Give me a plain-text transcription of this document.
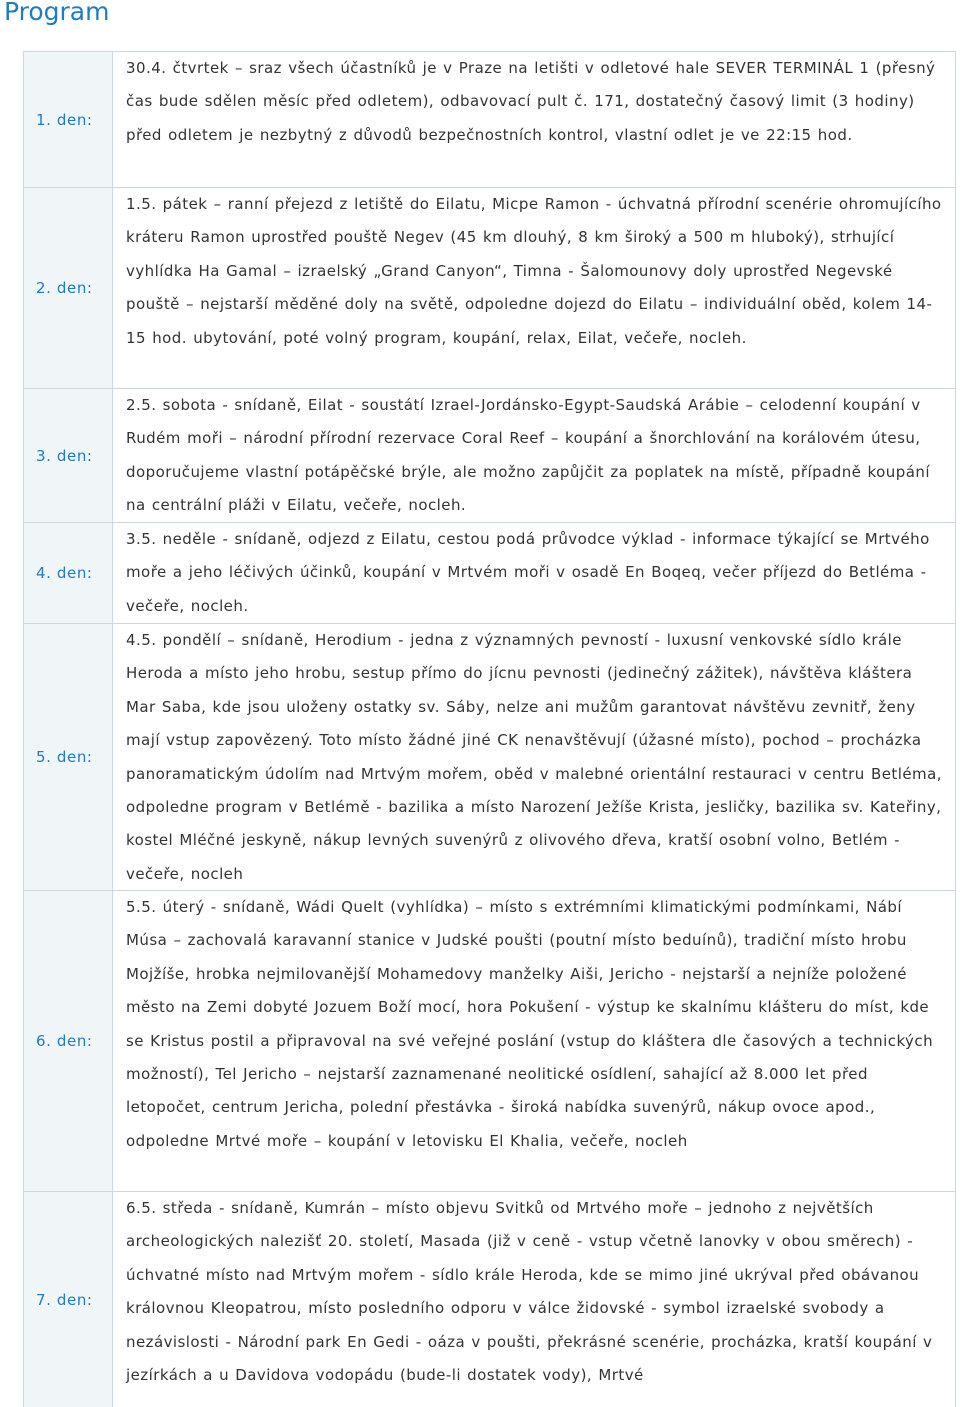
Program
1. den:
30.4. čtvrtek – sraz všech účastníků je v Praze na letišti v odletové hale SEVER TERMINÁL 1 (přesný čas bude sdělen měsíc před odletem), odbavovací pult č. 171, dostatečný časový limit (3 hodiny) před odletem je nezbytný z důvodů bezpečnostních kontrol, vlastní odlet je ve 22:15 hod.
2. den:
1.5. pátek – ranní přejezd z letiště do Eilatu, Micpe Ramon - úchvatná přírodní scenérie ohromujícího kráteru Ramon uprostřed pouště Negev (45 km dlouhý, 8 km široký a 500 m hluboký), strhující vyhlídka Ha Gamal – izraelský „Grand Canyon“, Timna - Šalomounovy doly uprostřed Negevské pouště – nejstarší měděné doly na světě, odpoledne dojezd do Eilatu – individuální oběd, kolem 14-15 hod. ubytování, poté volný program, koupání, relax, Eilat, večeře, nocleh.
3. den:
2.5. sobota - snídaně, Eilat - soustátí Izrael-Jordánsko-Egypt-Saudská Arábie – celodenní koupání v Rudém moři – národní přírodní rezervace Coral Reef – koupání a šnorchlování na korálovém útesu, doporučujeme vlastní potápěčské brýle, ale možno zapůjčit za poplatek na místě, případně koupání na centrální pláži v Eilatu, večeře, nocleh.
4. den:
3.5. neděle - snídaně, odjezd z Eilatu, cestou podá průvodce výklad - informace týkající se Mrtvého moře a jeho léčivých účinků, koupání v Mrtvém moři v osadě En Boqeq, večer příjezd do Betléma - večeře, nocleh.
5. den:
4.5. pondělí – snídaně, Herodium - jedna z významných pevností - luxusní venkovské sídlo krále Heroda a místo jeho hrobu, sestup přímo do jícnu pevnosti (jedinečný zážitek), návštěva kláštera Mar Saba, kde jsou uloženy ostatky sv. Sáby, nelze ani mužům garantovat návštěvu zevnitř, ženy mají vstup zapovězený. Toto místo žádné jiné CK nenavštěvují (úžasné místo), pochod – procházka panoramatickým údolím nad Mrtvým mořem, oběd v malebné orientální restauraci v centru Betléma, odpoledne program v Betlémě - bazilika a místo Narození Ježíše Krista, jesličky, bazilika sv. Kateřiny, kostel Mléčné jeskyně, nákup levných suvenýrů z olivového dřeva, kratší osobní volno, Betlém - večeře, nocleh
6. den:
5.5. úterý - snídaně, Wádi Quelt (vyhlídka) – místo s extrémními klimatickými podmínkami, Nábí Músa – zachovalá karavanní stanice v Judské poušti (poutní místo beduínů), tradiční místo hrobu Mojžíše, hrobka nejmilovanější Mohamedovy manželky Aiši, Jericho - nejstarší a nejníže položené město na Zemi dobyté Jozuem Boží mocí, hora Pokušení - výstup ke skalnímu klášteru do míst, kde se Kristus postil a připravoval na své veřejné poslání (vstup do kláštera dle časových a technických možností), Tel Jericho – nejstarší zaznamenané neolitické osídlení, sahající až 8.000 let před letopočet, centrum Jericha, polední přestávka - široká nabídka suvenýrů, nákup ovoce apod., odpoledne Mrtvé moře – koupání v letovisku El Khalia, večeře, nocleh
7. den:
6.5. středa - snídaně, Kumrán – místo objevu Svitků od Mrtvého moře – jednoho z největších archeologických nalezišť 20. století, Masada (již v ceně - vstup včetně lanovky v obou směrech) - úchvatné místo nad Mrtvým mořem - sídlo krále Heroda, kde se mimo jiné ukrýval před obávanou královnou Kleopatrou, místo posledního odporu v válce židovské - symbol izraelské svobody a nezávislosti - Národní park En Gedi - oáza v poušti, překrásné scenérie, procházka, kratší koupání v jezírkách a u Davidova vodopádu (bude-li dostatek vody), Mrtvé
